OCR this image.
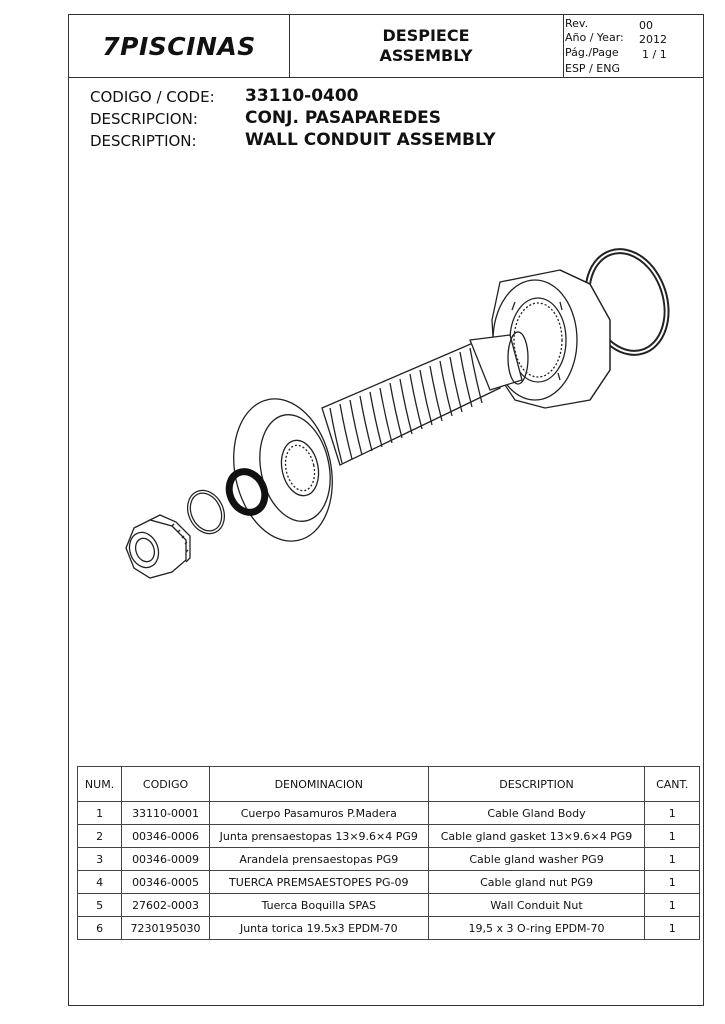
7PISCINAS	DESPIECE
ASSEMBLY
Rev.	00
Año / Year: 2012
Pág./Page 1 / 1
ESP / ENG
CODIGO / CODE: 33110-0400
DESCRIPCION:	CONJ. PASAPAREDES
DESCRIPTION:	WALL CONDUIT ASSEMBLY
NUM.	CODIGO	DENOMINACION	DESCRIPTION	CANT.
1	33110-0001	Cuerpo Pasamuros P.Madera	Cable Gland Body	1
2	00346-0006	Junta prensaestopas 13×9.6×4 PG9	Cable gland gasket 13×9.6×4 PG9	1
3	00346-0009	Arandela prensaestopas PG9	Cable gland washer PG9	1
4	00346-0005	TUERCA PREMSAESTOPES PG-09	Cable gland nut PG9	1
5	27602-0003	Tuerca Boquilla SPAS	Wall Conduit Nut	1
6	7230195030	Junta torica 19.5x3 EPDM-70	19,5 x 3 O-ring EPDM-70	1
